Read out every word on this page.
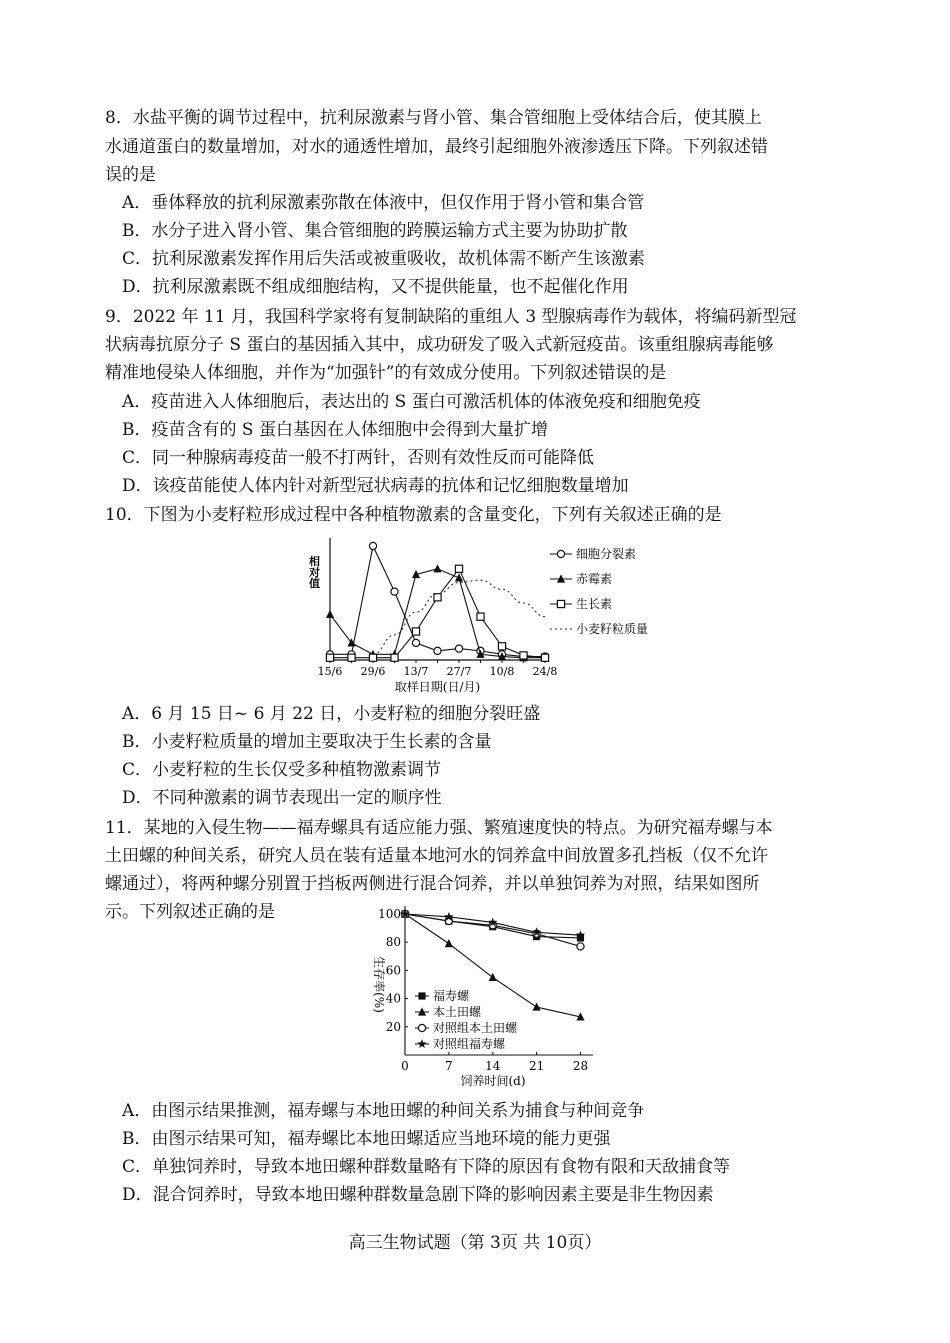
8．水盐平衡的调节过程中，抗利尿激素与肾小管、集合管细胞上受体结合后，使其膜上
水通道蛋白的数量增加，对水的通透性增加，最终引起细胞外液渗透压下降。下列叙述错
误的是
A．垂体释放的抗利尿激素弥散在体液中，但仅作用于肾小管和集合管
B．水分子进入肾小管、集合管细胞的跨膜运输方式主要为协助扩散
C．抗利尿激素发挥作用后失活或被重吸收，故机体需不断产生该激素
D．抗利尿激素既不组成细胞结构，又不提供能量，也不起催化作用
9．2022 年 11 月，我国科学家将有复制缺陷的重组人 3 型腺病毒作为载体，将编码新型冠
状病毒抗原分子 S 蛋白的基因插入其中，成功研发了吸入式新冠疫苗。该重组腺病毒能够
精准地侵染人体细胞，并作为“加强针”的有效成分使用。下列叙述错误的是
A．疫苗进入人体细胞后，表达出的 S 蛋白可激活机体的体液免疫和细胞免疫
B．疫苗含有的 S 蛋白基因在人体细胞中会得到大量扩增
C．同一种腺病毒疫苗一般不打两针，否则有效性反而可能降低
D．该疫苗能使人体内针对新型冠状病毒的抗体和记忆细胞数量增加
10．下图为小麦籽粒形成过程中各种植物激素的含量变化，下列有关叙述正确的是
15/6 29/6 13/7 27/7 10/8 24/8
相对值
取样日期(日/月)
细胞分裂素
赤霉素
生长素
小麦籽粒质量
A．6 月 15 日~ 6 月 22 日，小麦籽粒的细胞分裂旺盛
B．小麦籽粒质量的增加主要取决于生长素的含量
C．小麦籽粒的生长仅受多种植物激素调节
D．不同种激素的调节表现出一定的顺序性
11．某地的入侵生物——福寿螺具有适应能力强、繁殖速度快的特点。为研究福寿螺与本
土田螺的种间关系，研究人员在装有适量本地河水的饲养盒中间放置多孔挡板（仅不允许
螺通过），将两种螺分别置于挡板两侧进行混合饲养，并以单独饲养为对照，结果如图所
示。下列叙述正确的是
20
40
60
80
100
0	7	14 21 28
饲养时间(d)
生存率(%)	福寿螺
本土田螺
对照组本土田螺
对照组福寿螺
A．由图示结果推测，福寿螺与本地田螺的种间关系为捕食与种间竞争
B．由图示结果可知，福寿螺比本地田螺适应当地环境的能力更强
C．单独饲养时，导致本地田螺种群数量略有下降的原因有食物有限和天敌捕食等
D．混合饲养时，导致本地田螺种群数量急剧下降的影响因素主要是非生物因素
高三生物试题（第 3页 共 10页）
